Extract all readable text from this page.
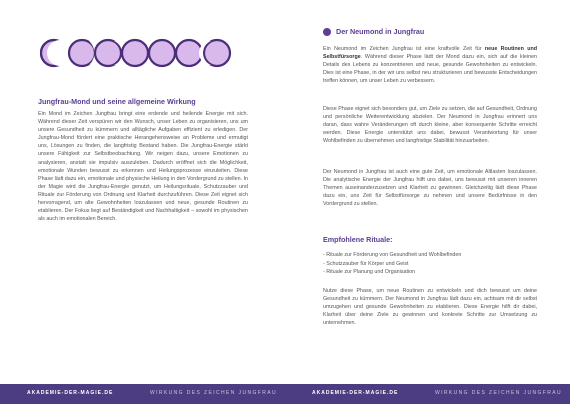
Jungfrau-Mond und seine allgemeine Wirkung

Ein Mond im Zeichen Jungfrau bringt eine erdende und heilende Energie mit sich. Während dieser Zeit verspüren wir den Wunsch, unser Leben zu organisieren, uns um unsere Gesundheit zu kümmern und alltägliche Aufgaben effizient zu erledigen. Der Jungfrau-Mond fördert eine praktische Herangehensweise an Probleme und ermutigt uns, Lösungen zu finden, die langfristig Bestand haben. Die Jungfrau-Energie stärkt unsere Fähigkeit zur Selbstbeobachtung. Wir neigen dazu, unsere Emotionen zu analysieren, anstatt sie impulsiv auszuleben. Dadurch eröffnet sich die Möglichkeit, emotionale Wunden bewusst zu erkennen und Heilungsprozesse einzuleiten. Diese Phase lädt dazu ein, emotionale und physische Heilung in den Vordergrund zu stellen. In der Magie wird die Jungfrau-Energie genutzt, um Heilungsrituale, Schutzzauber und Rituale zur Förderung von Ordnung und Klarheit durchzuführen. Diese Zeit eignet sich hervorragend, um alte Gewohnheiten loszulassen und neue, gesunde Routinen zu etablieren. Der Fokus liegt auf Beständigkeit und Nachhaltigkeit – sowohl im physischen als auch im emotionalen Bereich.

AKADEMIE-DER-MAGIE.DE	WIRKUNG DES ZEICHEN JUNGFRAU
Der Neumond in Jungfrau

Ein Neumond im Zeichen Jungfrau ist eine kraftvolle Zeit für neue Routinen und Selbstfürsorge. Während dieser Phase lädt der Mond dazu ein, sich auf die kleinen Details des Lebens zu konzentrieren und neue, gesunde Gewohnheiten zu entwickeln. Dies ist eine Phase, in der wir uns selbst neu strukturieren und bewusste Entscheidungen treffen können, um unser Leben zu verbessern.

Diese Phase eignet sich besonders gut, um Ziele zu setzen, die auf Gesundheit, Ordnung und persönliche Weiterentwicklung abzielen. Der Neumond in Jungfrau erinnert uns daran, dass wahre Veränderungen oft durch kleine, aber konsequente Schritte erreicht werden. Diese Energie unterstützt uns dabei, bewusst Verantwortung für unser Wohlbefinden zu übernehmen und langfristige Stabilität hinzuarbeiten.

Der Neumond in Jungfrau ist auch eine gute Zeit, um emotionale Altlasten loszulassen. Die analytische Energie der Jungfrau hilft uns dabei, uns bewusst mit unseren inneren Themen auseinanderzusetzen und Klarheit zu gewinnen. Gleichzeitig lädt diese Phase dazu ein, uns Zeit für Selbstfürsorge zu nehmen und unsere Bedürfnisse in den Vordergrund zu stellen.

Empfohlene Rituale:
- Rituale zur Förderung von Gesundheit und Wohlbefinden
- Schutzzauber für Körper und Geist
- Rituale zur Planung und Organisation

Nutze diese Phase, um neue Routinen zu entwickeln und dich bewusst um deine Gesundheit zu kümmern. Der Neumond in Jungfrau lädt dazu ein, achtsam mit dir selbst umzugehen und gesunde Gewohnheiten zu etablieren. Diese Energie hilft dir dabei, Klarheit über deine Ziele zu gewinnen und konkrete Schritte zur Umsetzung zu unternehmen.

AKADEMIE-DER-MAGIE.DE	WIRKUNG DES ZEICHEN JUNGFRAU
